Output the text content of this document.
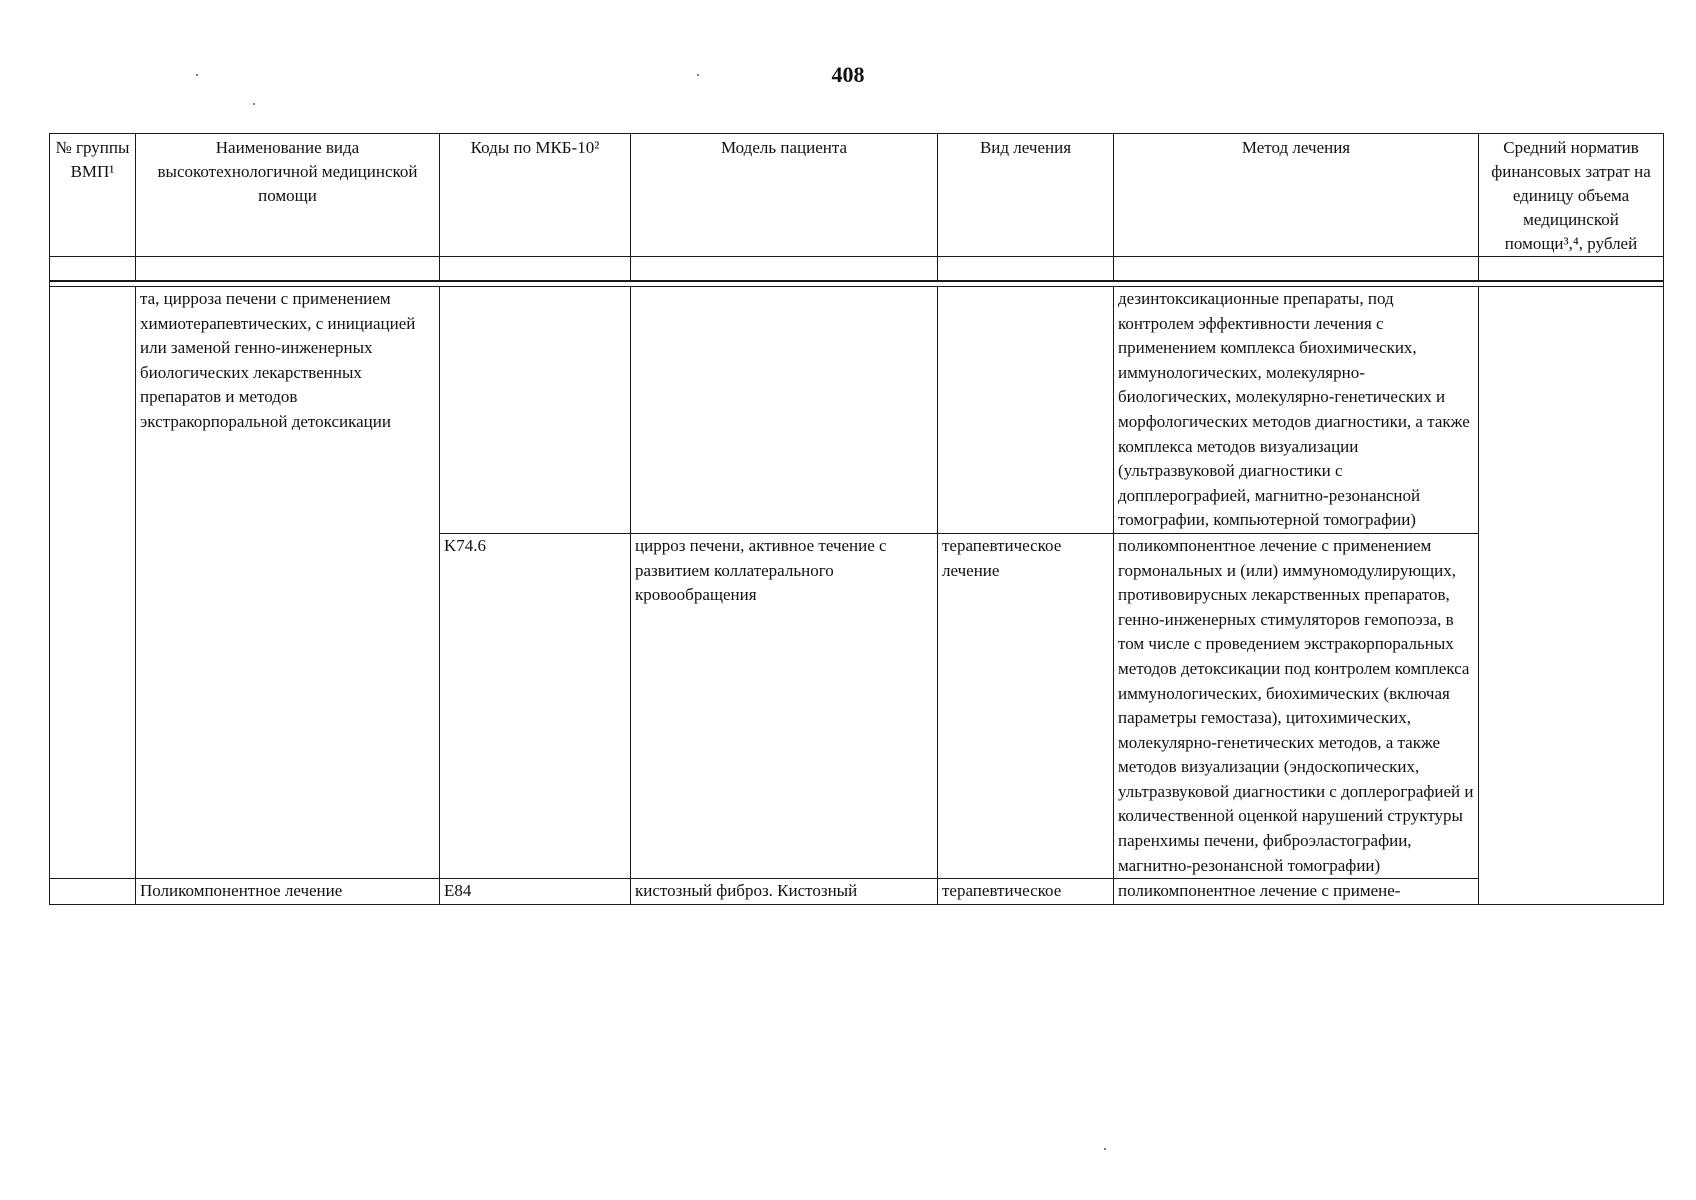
408
№ группы ВМП¹	Наименование вида высокотехнологичной медицинской помощи	Коды по МКБ-10²	Модель пациента	Вид лечения	Метод лечения	Средний норматив финансовых затрат на единицу объема медицинской помощи³,⁴, рублей

	та, цирроза печени с применением химиотерапевтических, с инициацией или заменой генно-инженерных биологических лекарственных препаратов и методов экстракорпоральной детоксикации				дезинтоксикационные препараты, под контролем эффективности лечения с применением комплекса биохимических, иммунологических, молекулярно-биологических, молекулярно-генетических и морфологических методов диагностики, а также комплекса методов визуализации (ультразвуковой диагностики с допплерографией, магнитно-резонансной томографии, компьютерной томографии)	
		K74.6	цирроз печени, активное течение с развитием коллатерального кровообращения	терапевтическое лечение	поликомпонентное лечение с применением гормональных и (или) иммуномодулирующих, противовирусных лекарственных препаратов, генно-инженерных стимуляторов гемопоэза, в том числе с проведением экстракорпоральных методов детоксикации под контролем комплекса иммунологических, биохимических (включая параметры гемостаза), цитохимических, молекулярно-генетических методов, а также методов визуализации (эндоскопических, ультразвуковой диагностики с доплерографией и количественной оценкой нарушений структуры паренхимы печени, фиброэластографии, магнитно-резонансной томографии)	
	Поликомпонентное лечение	E84	кистозный фиброз. Кистозный	терапевтическое	поликомпонентное лечение с примене-	
